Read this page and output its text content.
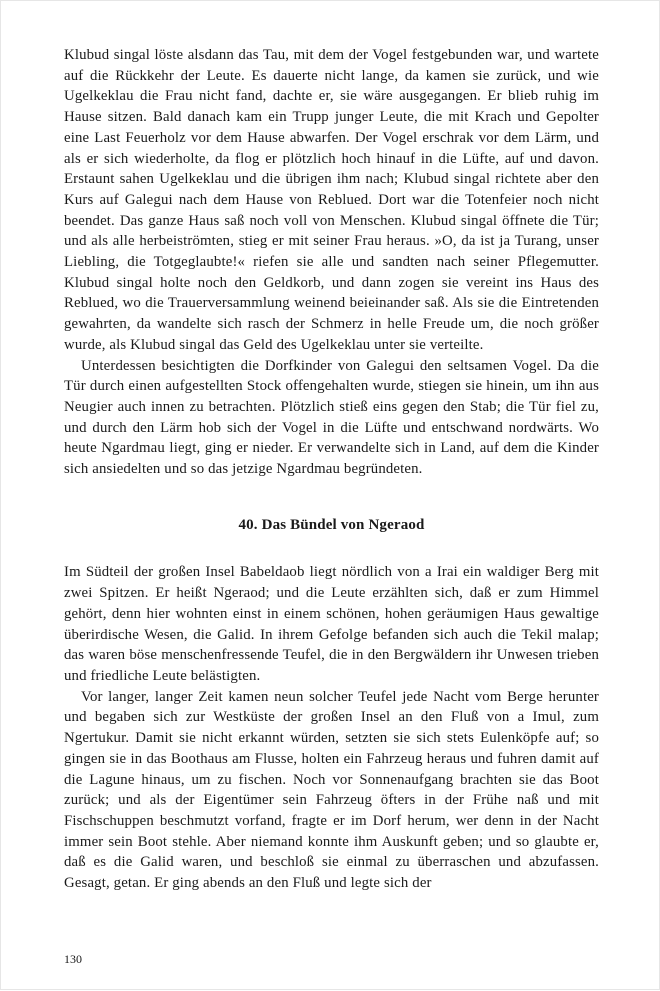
Klubud singal löste alsdann das Tau, mit dem der Vogel festgebunden war, und wartete auf die Rückkehr der Leute. Es dauerte nicht lange, da kamen sie zurück, und wie Ugelkeklau die Frau nicht fand, dachte er, sie wäre ausgegangen. Er blieb ruhig im Hause sitzen. Bald danach kam ein Trupp junger Leute, die mit Krach und Gepolter eine Last Feuerholz vor dem Hause abwarfen. Der Vogel erschrak vor dem Lärm, und als er sich wiederholte, da flog er plötzlich hoch hinauf in die Lüfte, auf und davon. Erstaunt sahen Ugelkeklau und die übrigen ihm nach; Klubud singal richtete aber den Kurs auf Galegui nach dem Hause von Reblued. Dort war die Totenfeier noch nicht beendet. Das ganze Haus saß noch voll von Menschen. Klubud singal öffnete die Tür; und als alle herbeiströmten, stieg er mit seiner Frau heraus. »O, da ist ja Turang, unser Liebling, die Totgeglaubte!« riefen sie alle und sandten nach seiner Pflegemutter. Klubud singal holte noch den Geldkorb, und dann zogen sie vereint ins Haus des Reblued, wo die Trauerversammlung weinend beieinander saß. Als sie die Eintretenden gewahrten, da wandelte sich rasch der Schmerz in helle Freude um, die noch größer wurde, als Klubud singal das Geld des Ugelkeklau unter sie verteilte.

Unterdessen besichtigten die Dorfkinder von Galegui den seltsamen Vogel. Da die Tür durch einen aufgestellten Stock offengehalten wurde, stiegen sie hinein, um ihn aus Neugier auch innen zu betrachten. Plötzlich stieß eins gegen den Stab; die Tür fiel zu, und durch den Lärm hob sich der Vogel in die Lüfte und entschwand nordwärts. Wo heute Ngardmau liegt, ging er nieder. Er verwandelte sich in Land, auf dem die Kinder sich ansiedelten und so das jetzige Ngardmau begründeten.

40. Das Bündel von Ngeraod

Im Südteil der großen Insel Babeldaob liegt nördlich von a Irai ein waldiger Berg mit zwei Spitzen. Er heißt Ngeraod; und die Leute erzählten sich, daß er zum Himmel gehört, denn hier wohnten einst in einem schönen, hohen geräumigen Haus gewaltige überirdische Wesen, die Galid. In ihrem Gefolge befanden sich auch die Tekil malap; das waren böse menschenfressende Teufel, die in den Bergwäldern ihr Unwesen trieben und friedliche Leute belästigten.

Vor langer, langer Zeit kamen neun solcher Teufel jede Nacht vom Berge herunter und begaben sich zur Westküste der großen Insel an den Fluß von a Imul, zum Ngertukur. Damit sie nicht erkannt würden, setzten sie sich stets Eulenköpfe auf; so gingen sie in das Boothaus am Flusse, holten ein Fahrzeug heraus und fuhren damit auf die Lagune hinaus, um zu fischen. Noch vor Sonnenaufgang brachten sie das Boot zurück; und als der Eigentümer sein Fahrzeug öfters in der Frühe naß und mit Fischschuppen beschmutzt vorfand, fragte er im Dorf herum, wer denn in der Nacht immer sein Boot stehle. Aber niemand konnte ihm Auskunft geben; und so glaubte er, daß es die Galid waren, und beschloß sie einmal zu überraschen und abzufassen. Gesagt, getan. Er ging abends an den Fluß und legte sich der

130
